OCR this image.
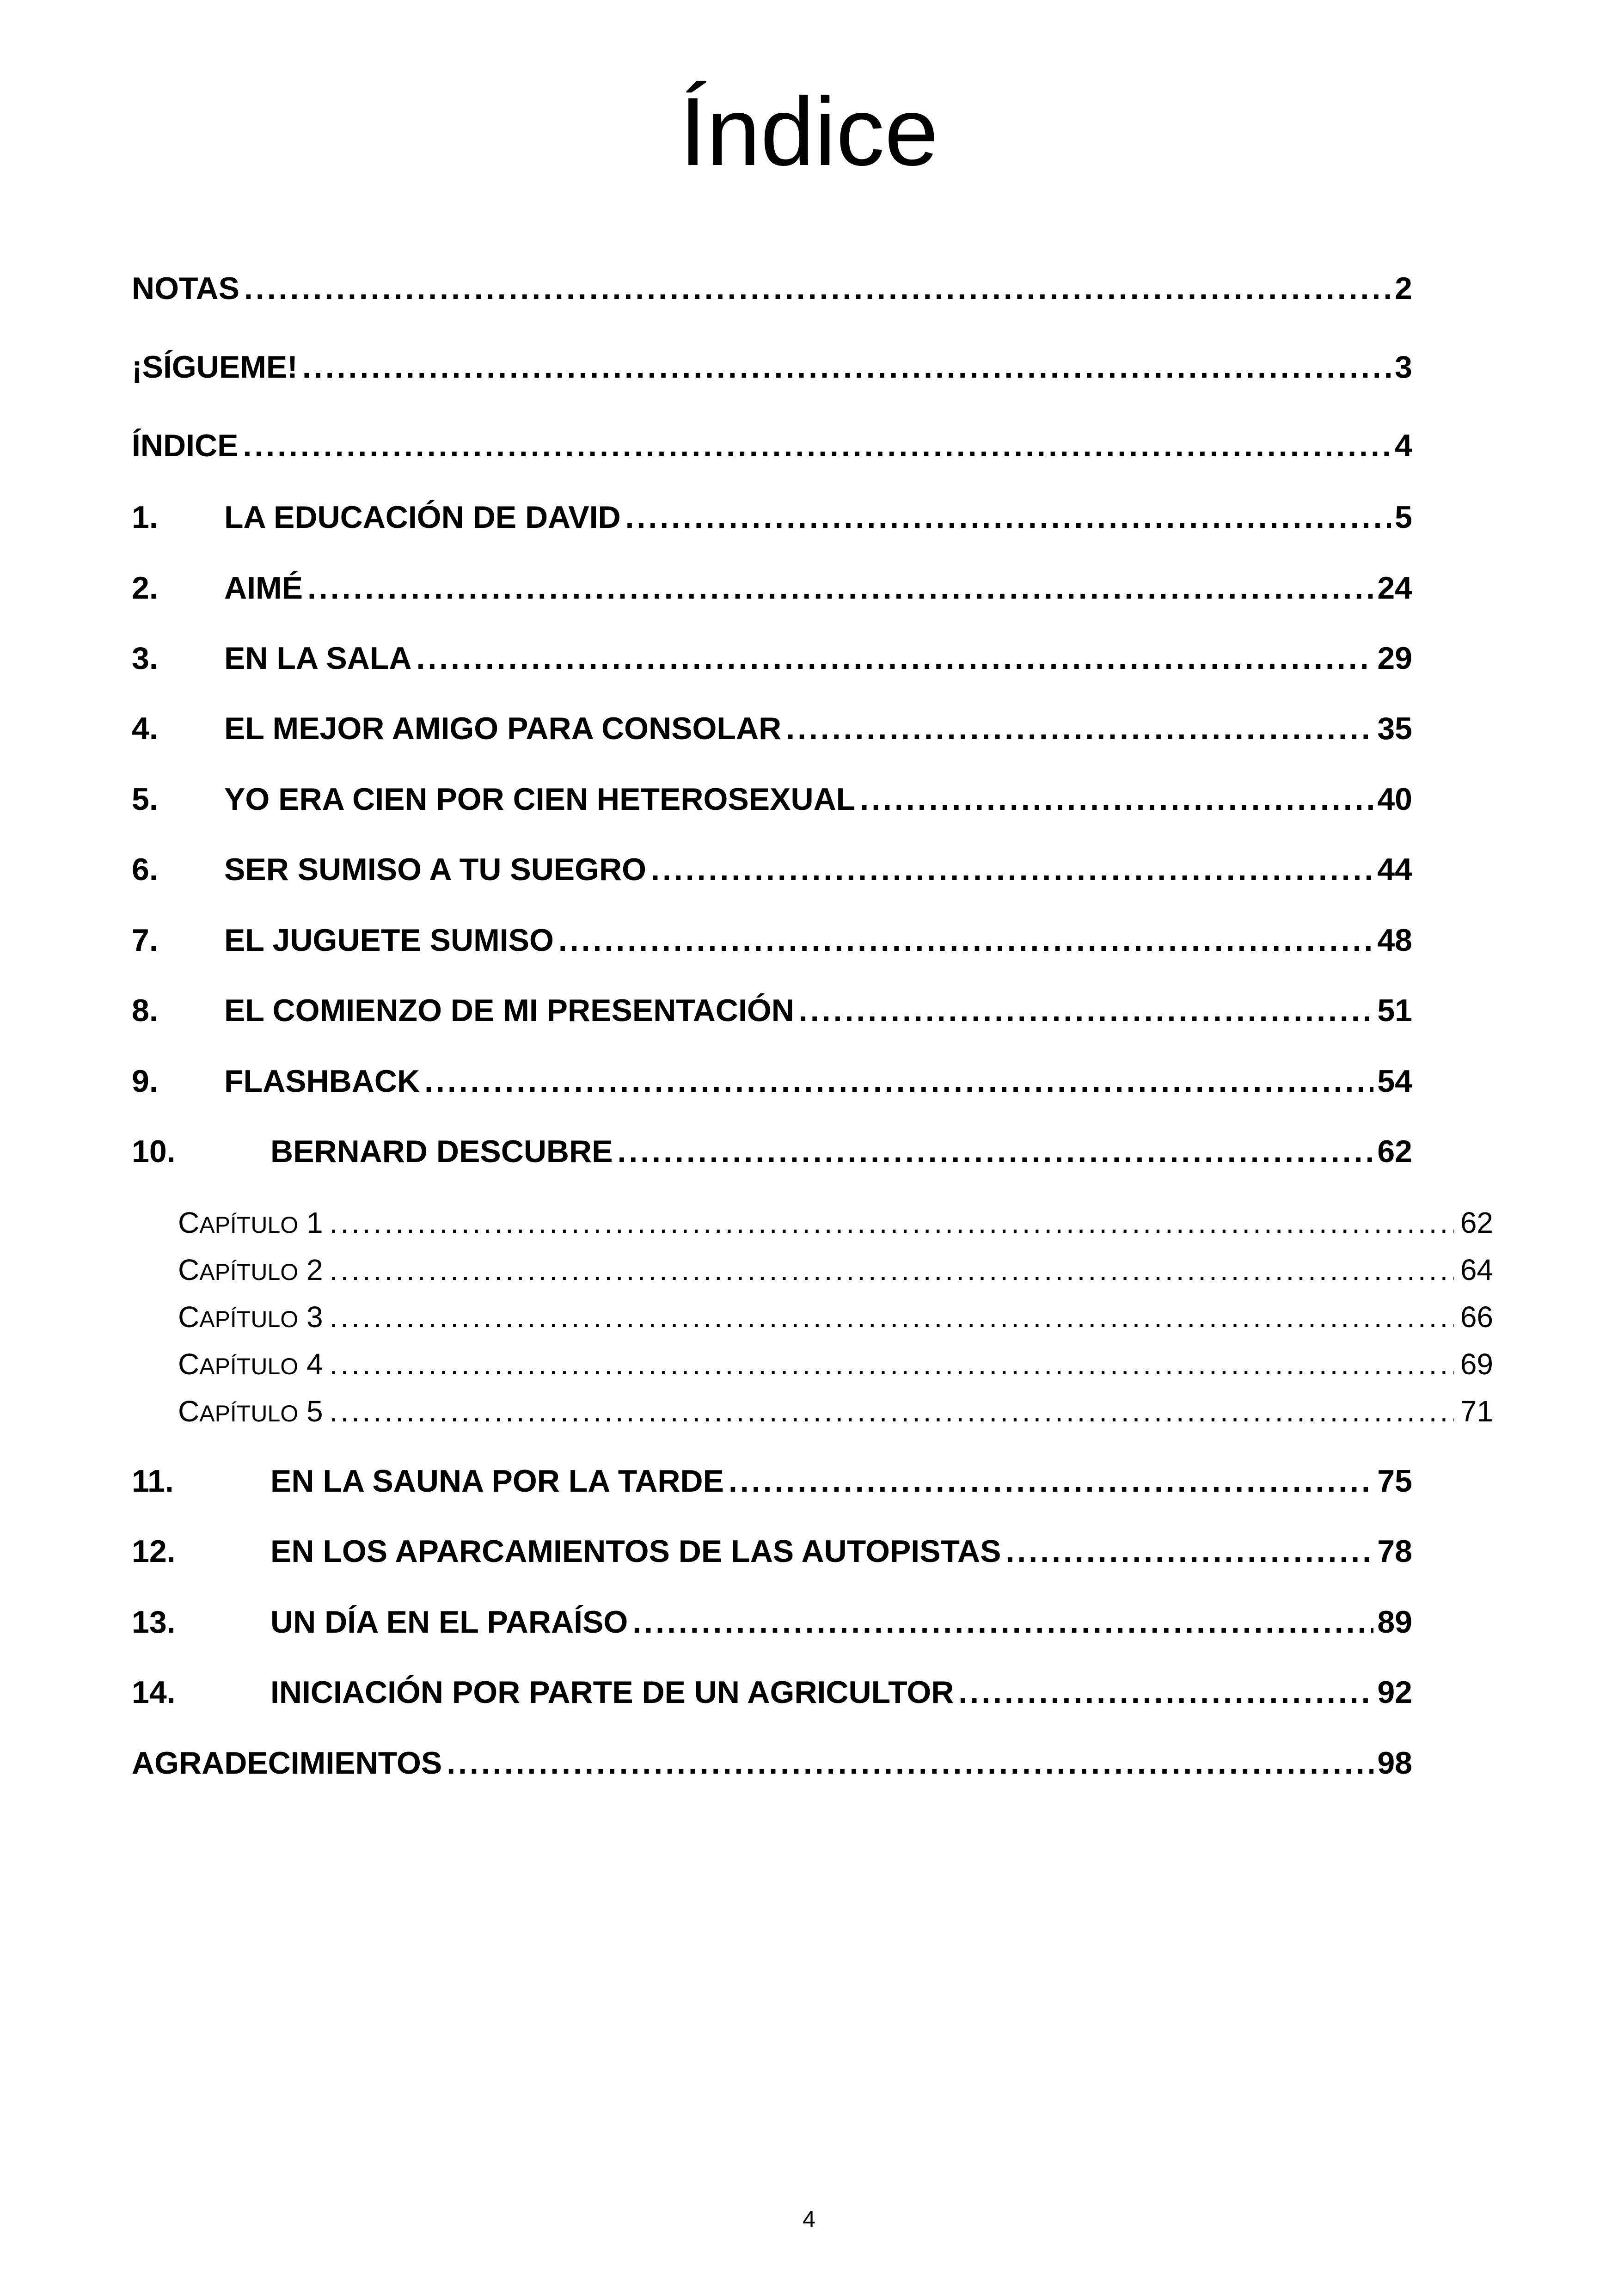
Índice
NOTAS .....	2
¡SÍGUEME! .....	3
ÍNDICE .....	4
1.	LA EDUCACIÓN DE DAVID .....	5
2.	AIMÉ .....	24
3.	EN LA SALA .....	29
4.	EL MEJOR AMIGO PARA CONSOLAR .....	35
5.	YO ERA CIEN POR CIEN HETEROSEXUAL .....	40
6.	SER SUMISO A TU SUEGRO .....	44
7.	EL JUGUETE SUMISO .....	48
8.	EL COMIENZO DE MI PRESENTACIÓN .....	51
9.	FLASHBACK .....	54
10.	BERNARD DESCUBRE .....	62
CAPÍTULO 1 .....	62
CAPÍTULO 2 .....	64
CAPÍTULO 3 .....	66
CAPÍTULO 4 .....	69
CAPÍTULO 5 .....	71
11.	EN LA SAUNA POR LA TARDE .....	75
12.	EN LOS APARCAMIENTOS DE LAS AUTOPISTAS .....	78
13.	UN DÍA EN EL PARAÍSO .....	89
14.	INICIACIÓN POR PARTE DE UN AGRICULTOR .....	92
AGRADECIMIENTOS .....	98
4
